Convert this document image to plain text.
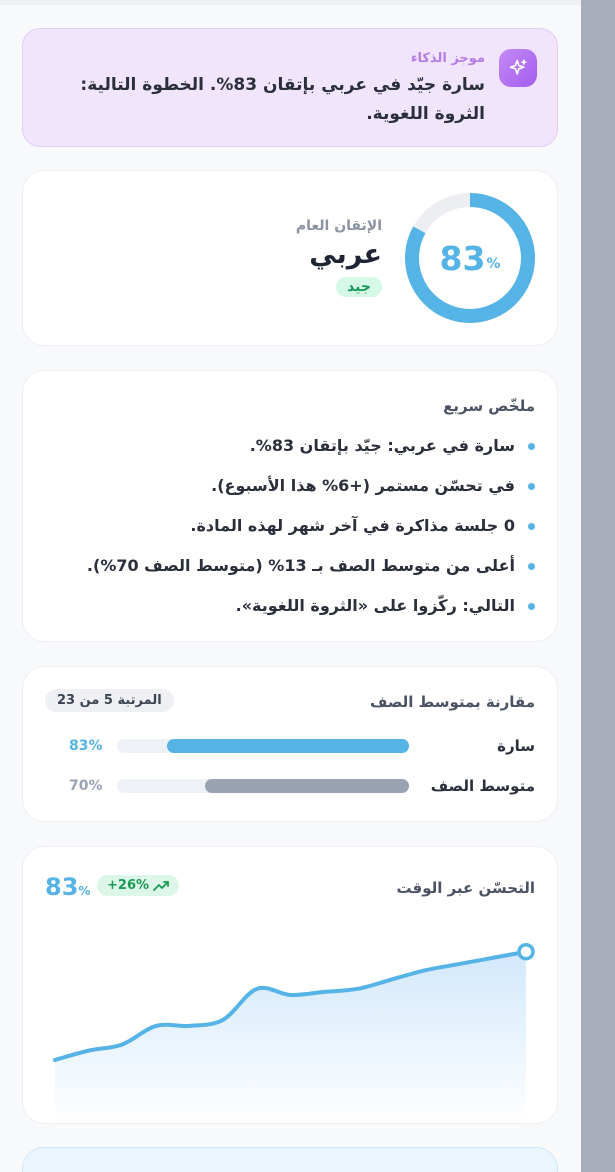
موجز الذكاء
سارة جيّد في عربي بإتقان 83%. الخطوة التالية: الثروة اللغوية.
83 %
الإتقان العام
عربي
جيد
ملخّص سريع
سارة في عربي: جيّد بإتقان 83%.
في تحسّن مستمر (+6% هذا الأسبوع).
0 جلسة مذاكرة في آخر شهر لهذه المادة.
أعلى من متوسط الصف بـ 13% (متوسط الصف 70%).
التالي: ركّزوا على «الثروة اللغوية».
مقارنة بمتوسط الصف
المرتبة 5 من 23
سارة
83%
متوسط الصف
70%
التحسّن عبر الوقت
83% +26%
